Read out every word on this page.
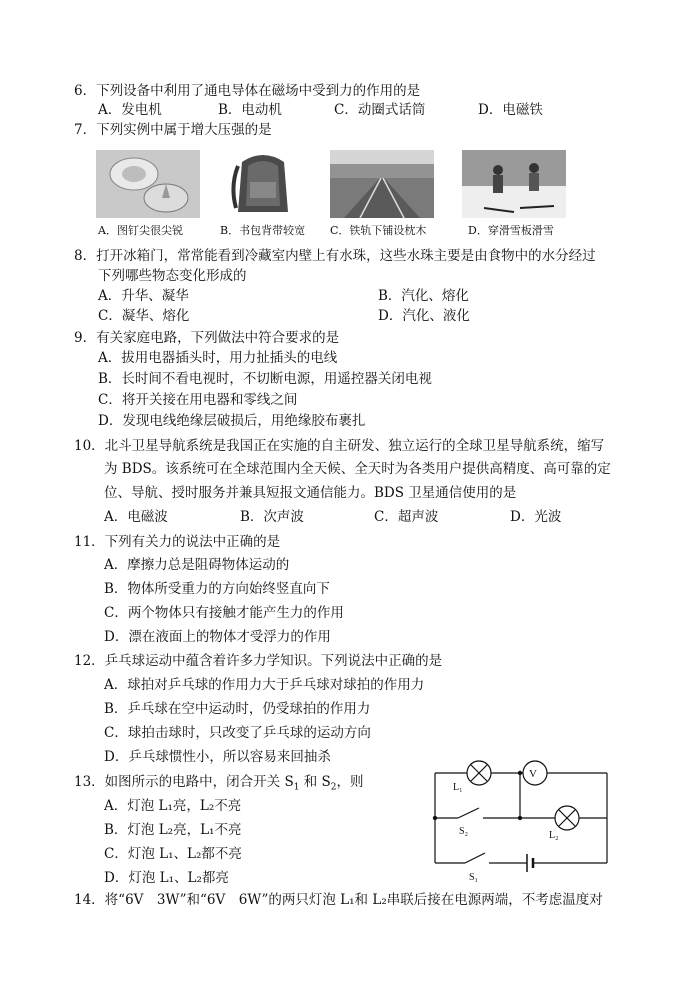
6．下列设备中利用了通电导体在磁场中受到力的作用的是
A．发电机	B．电动机	C．动圈式话筒	D．电磁铁
7．下列实例中属于增大压强的是
A．图钉尖很尖锐	B．书包背带较宽 C．铁轨下铺设枕木	D．穿滑雪板滑雪
8．打开冰箱门，常常能看到冷藏室内壁上有水珠，这些水珠主要是由食物中的水分经过
下列哪些物态变化形成的
A．升华、凝华	B．汽化、熔化
C．凝华、熔化	D．汽化、液化
9．有关家庭电路，下列做法中符合要求的是
A．拔用电器插头时，用力扯插头的电线
B．长时间不看电视时，不切断电源，用遥控器关闭电视
C．将开关接在用电器和零线之间
D．发现电线绝缘层破损后，用绝缘胶布裹扎
10．北斗卫星导航系统是我国正在实施的自主研发、独立运行的全球卫星导航系统，缩写
为 BDS。该系统可在全球范围内全天候、全天时为各类用户提供高精度、高可靠的定
位、导航、授时服务并兼具短报文通信能力。BDS 卫星通信使用的是
A．电磁波	B．次声波	C．超声波	D．光波
11．下列有关力的说法中正确的是
A．摩擦力总是阻碍物体运动的
B．物体所受重力的方向始终竖直向下
C．两个物体只有接触才能产生力的作用
D．漂在液面上的物体才受浮力的作用
12．乒乓球运动中蕴含着许多力学知识。下列说法中正确的是
A．球拍对乒乓球的作用力大于乒乓球对球拍的作用力
B．乒乓球在空中运动时，仍受球拍的作用力
C．球拍击球时，只改变了乒乓球的运动方向
D．乒乓球惯性小，所以容易来回抽杀
13．如图所示的电路中，闭合开关 $S_1$ 和 $S_2$，则
A．灯泡 L₁亮，L₂不亮
B．灯泡 L₂亮，L₁不亮
C．灯泡 L₁、L₂都不亮
D．灯泡 L₁、L₂都亮
V
L₁
S₂	L₂
S₁
14．将“6V　3W”和“6V　6W”的两只灯泡 L₁和 L₂串联后接在电源两端，不考虑温度对
